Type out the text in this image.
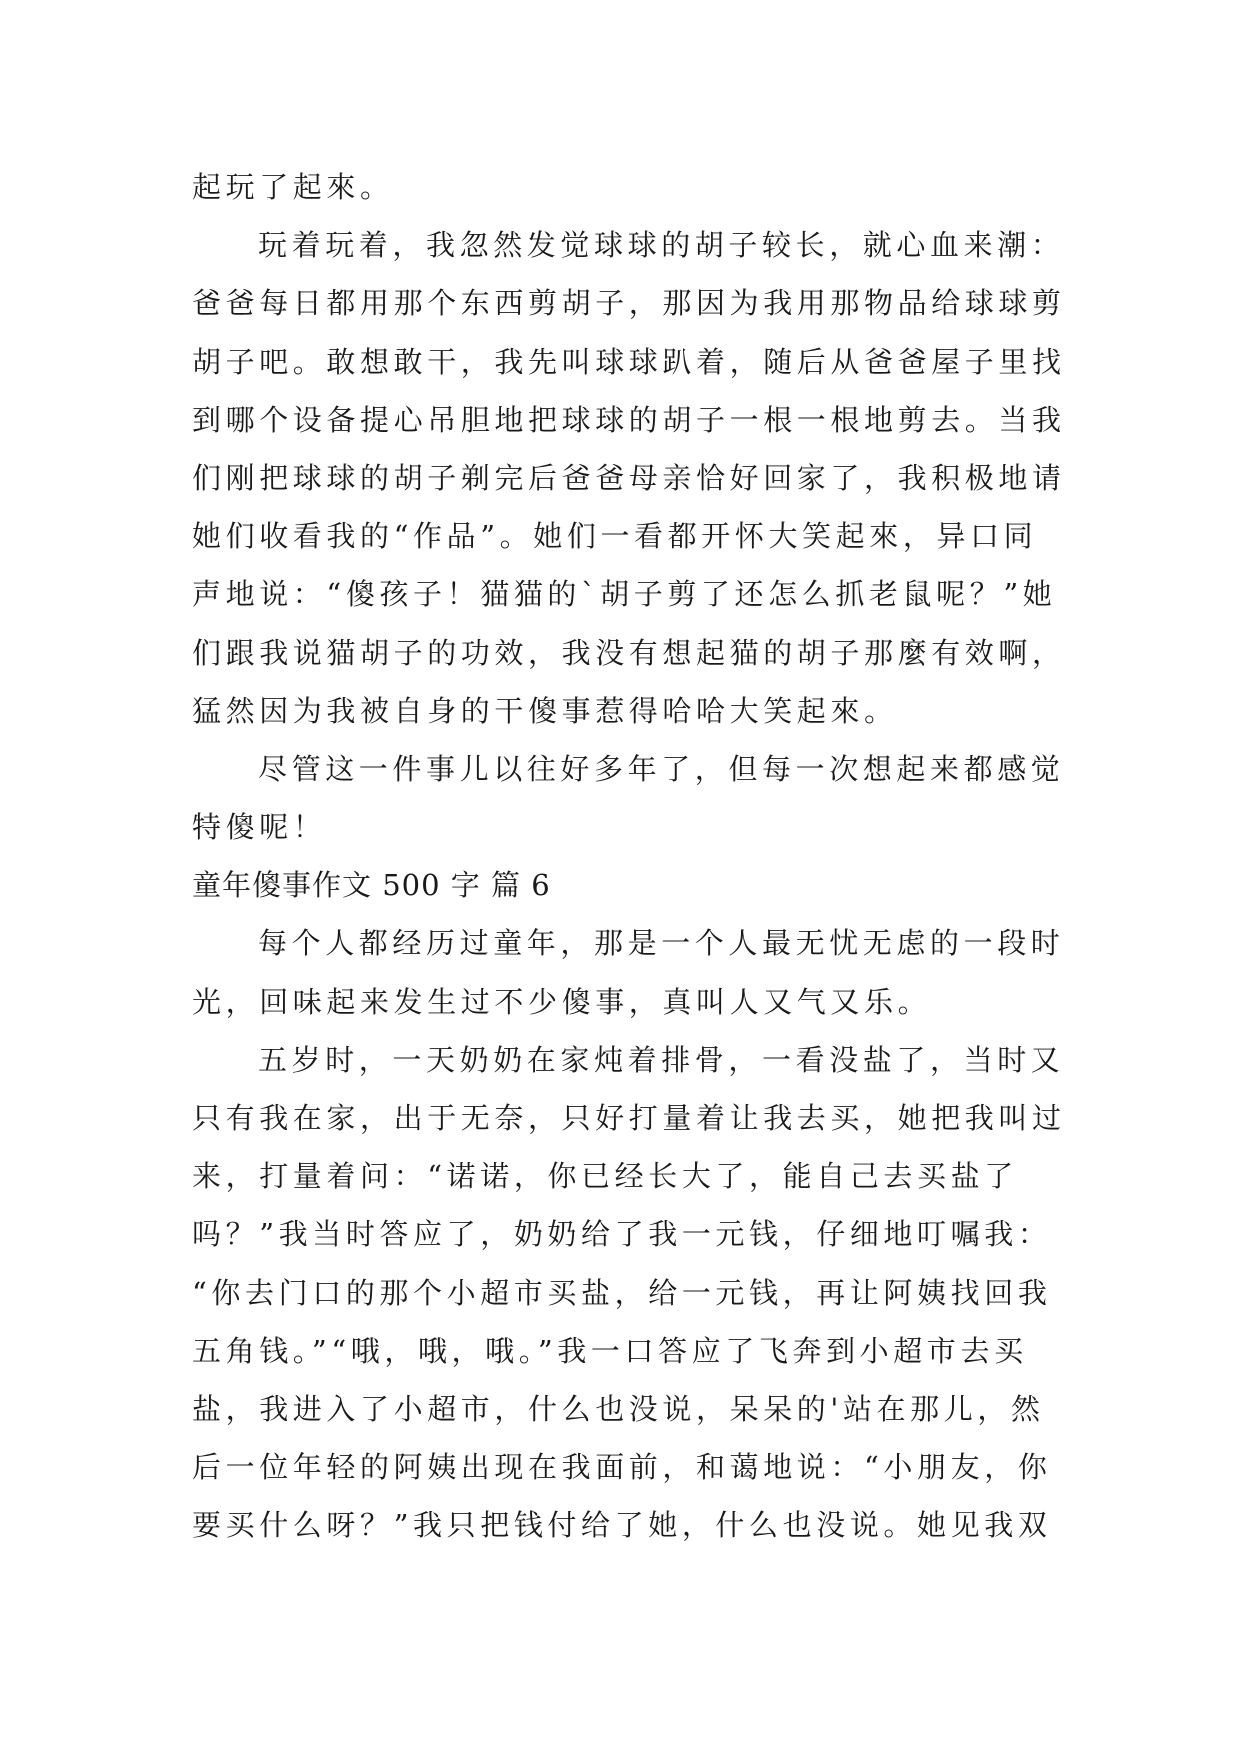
起玩了起來。
玩着玩着，我忽然发觉球球的胡子较长，就心血来潮：
爸爸每日都用那个东西剪胡子，那因为我用那物品给球球剪
胡子吧。敢想敢干，我先叫球球趴着，随后从爸爸屋子里找
到哪个设备提心吊胆地把球球的胡子一根一根地剪去。当我
们刚把球球的胡子剃完后爸爸母亲恰好回家了，我积极地请
她们收看我的“作品”。她们一看都开怀大笑起來，异口同
声地说：“傻孩子！猫猫的`胡子剪了还怎么抓老鼠呢？”她
们跟我说猫胡子的功效，我没有想起猫的胡子那麼有效啊，
猛然因为我被自身的干傻事惹得哈哈大笑起來。
尽管这一件事儿以往好多年了，但每一次想起来都感觉
特傻呢！
童年傻事作文 500 字 篇 6
每个人都经历过童年，那是一个人最无忧无虑的一段时
光，回味起来发生过不少傻事，真叫人又气又乐。
五岁时，一天奶奶在家炖着排骨，一看没盐了，当时又
只有我在家，出于无奈，只好打量着让我去买，她把我叫过
来，打量着问：“诺诺，你已经长大了，能自己去买盐了
吗？”我当时答应了，奶奶给了我一元钱，仔细地叮嘱我：
“你去门口的那个小超市买盐，给一元钱，再让阿姨找回我
五角钱。”“哦，哦，哦。”我一口答应了飞奔到小超市去买
盐，我进入了小超市，什么也没说，呆呆的'站在那儿，然
后一位年轻的阿姨出现在我面前，和蔼地说：“小朋友，你
要买什么呀？”我只把钱付给了她，什么也没说。她见我双
